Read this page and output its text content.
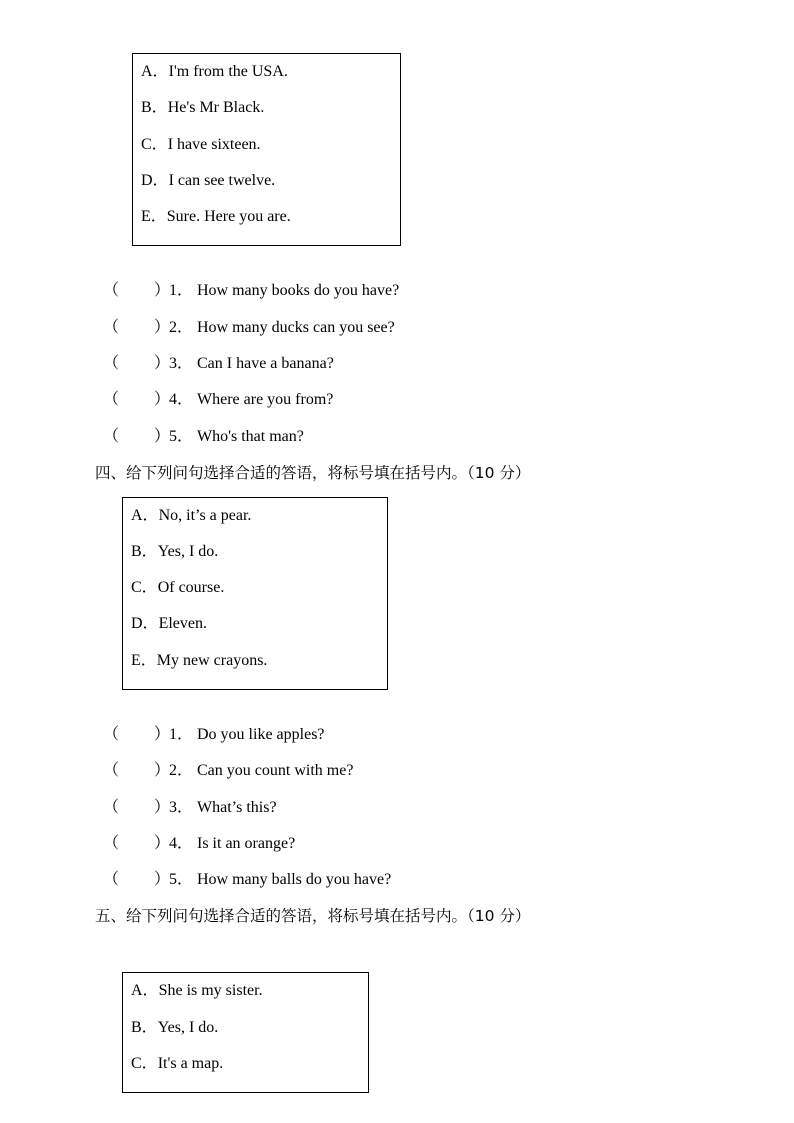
A．I'm from the USA.
B．He's Mr Black.
C．I have sixteen.
D．I can see twelve.
E．Sure. Here you are.
（ ）
1． How many books do you have?
（ ）
2． How many ducks can you see?
（ ）
3． Can I have a banana?
（ ）
4． Where are you from?
（ ）
5． Who's that man?
四、给下列问句选择合适的答语，将标号填在括号内。（10 分）
A．No, it’s a pear.
B．Yes, I do.
C．Of course.
D．Eleven.
E．My new crayons.
（ ）
1． Do you like apples?
（ ）
2． Can you count with me?
（ ）
3． What’s this?
（ ）
4． Is it an orange?
（ ）
5． How many balls do you have?
五、给下列问句选择合适的答语，将标号填在括号内。（10 分）
A．She is my sister.
B．Yes, I do.
C．It's a map.
